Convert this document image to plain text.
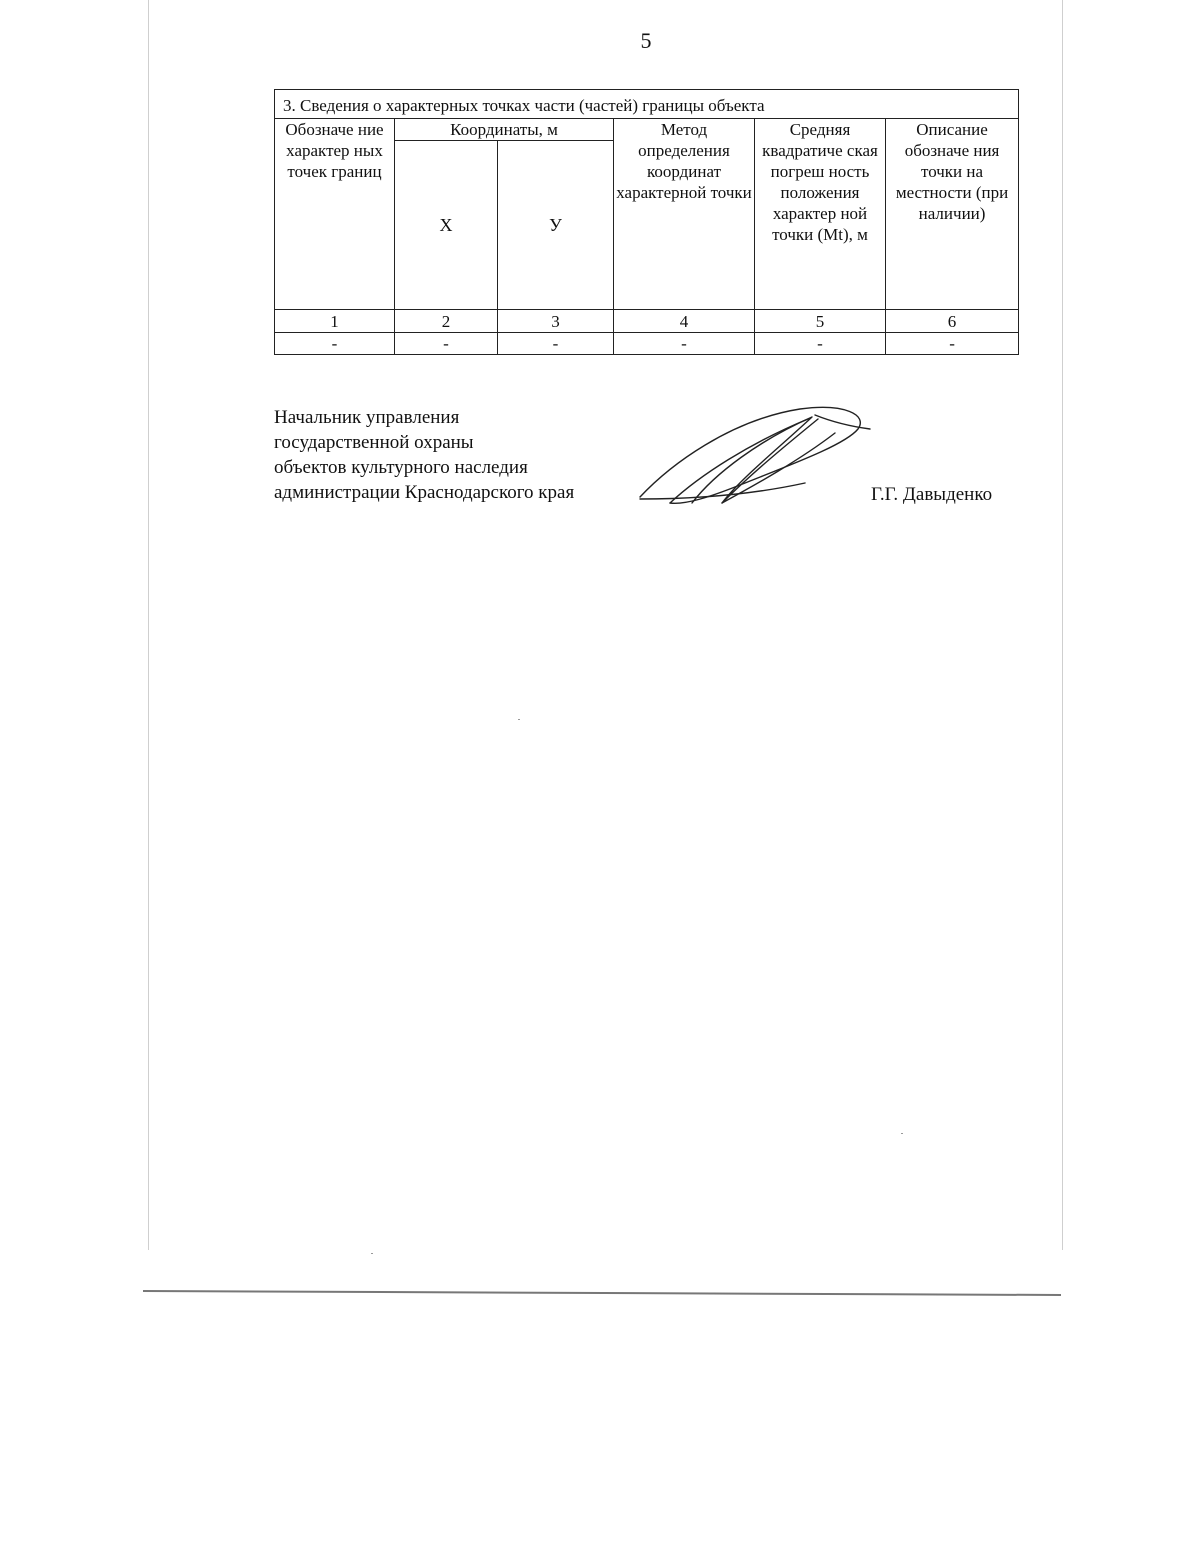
5
3. Сведения о характерных точках части (частей) границы объекта					
Обозначе ние характер ных точек границ	Координаты, м		Метод определения координат характерной точки	Средняя квадратиче ская погреш ность положения характер ной точки (Mt), м	Описание обозначе ния точки на местности (при наличии)
	Х	У			
1	2	3	4	5	6
-	-	-	-	-	-
Начальник управления
государственной охраны
объектов культурного наследия
администрации Краснодарского края	Г.Г. Давыденко
